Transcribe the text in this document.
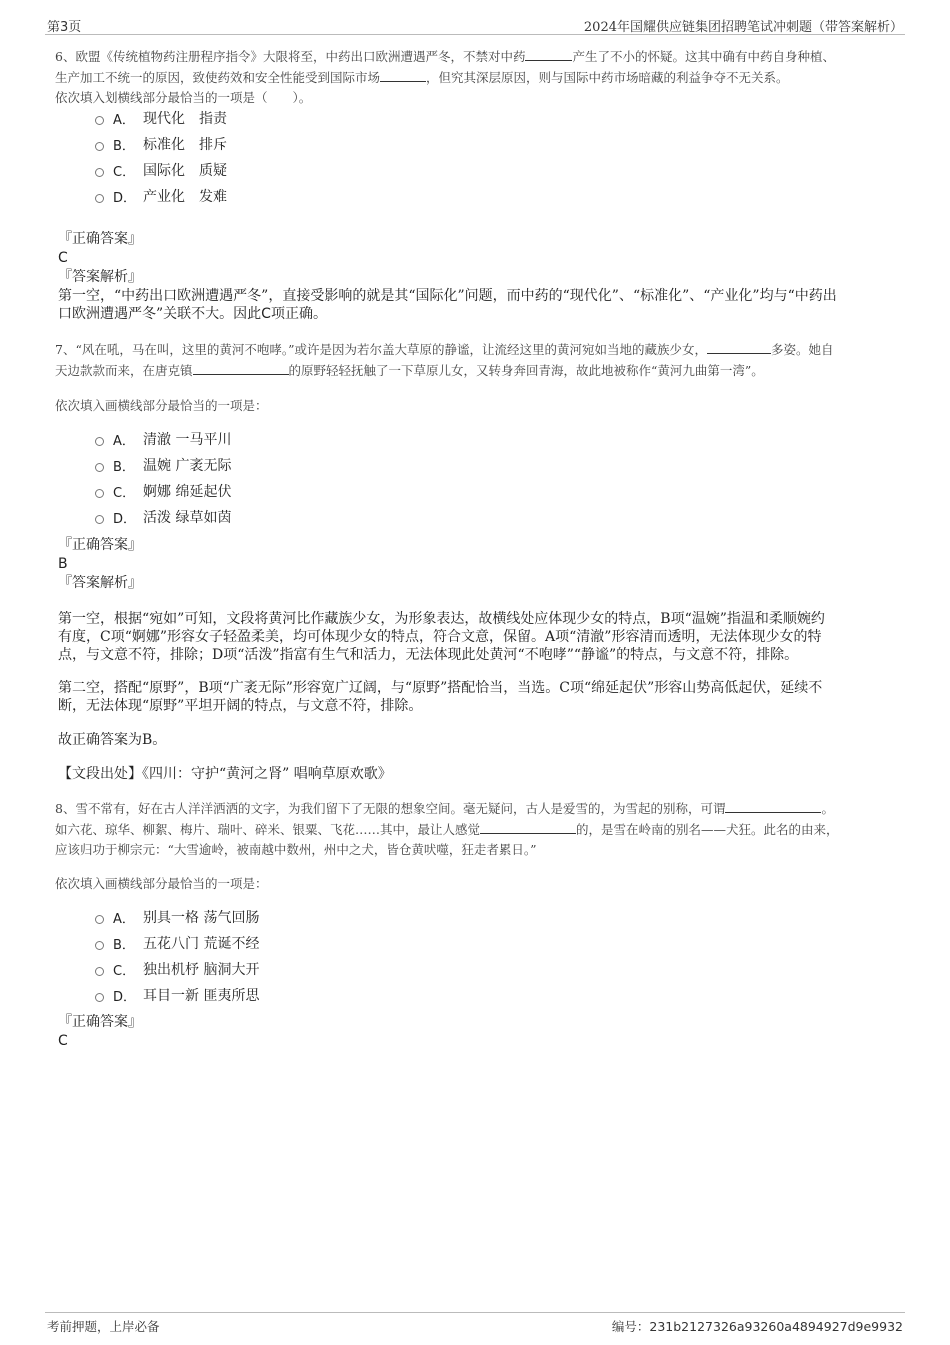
第3页	2024年国耀供应链集团招聘笔试冲刺题（带答案解析）
6、欧盟《传统植物药注册程序指令》大限将至，中药出口欧洲遭遇严冬，不禁对中药	产生了不小的怀疑。这其中确有中药自身种植、
生产加工不统一的原因，致使药效和安全性能受到国际市场	，但究其深层原因，则与国际中药市场暗藏的利益争夺不无关系。
依次填入划横线部分最恰当的一项是（　　）。
A． 现代化 指责
B． 标准化 排斥
C． 国际化 质疑
D． 产业化 发难
『正确答案』
C
『答案解析』
第一空，“中药出口欧洲遭遇严冬”，直接受影响的就是其“国际化”问题，而中药的“现代化”、“标准化”、“产业化”均与“中药出
口欧洲遭遇严冬”关联不大。因此C项正确。
7、“风在吼，马在叫，这里的黄河不咆哮。”或许是因为若尔盖大草原的静谧，让流经这里的黄河宛如当地的藏族少女，	多姿。她自
天边款款而来，在唐克镇	的原野轻轻抚触了一下草原儿女，又转身奔回青海，故此地被称作“黄河九曲第一湾”。
依次填入画横线部分最恰当的一项是：
A． 清澈 一马平川
B． 温婉 广袤无际
C． 婀娜 绵延起伏
D． 活泼 绿草如茵
『正确答案』
B
『答案解析』
第一空，根据“宛如”可知，文段将黄河比作藏族少女，为形象表达，故横线处应体现少女的特点，B项“温婉”指温和柔顺婉约
有度，C项“婀娜”形容女子轻盈柔美，均可体现少女的特点，符合文意，保留。A项“清澈”形容清而透明，无法体现少女的特
点，与文意不符，排除；D项“活泼”指富有生气和活力，无法体现此处黄河“不咆哮”“静谧”的特点，与文意不符，排除。
第二空，搭配“原野”，B项“广袤无际”形容宽广辽阔，与“原野”搭配恰当，当选。C项“绵延起伏”形容山势高低起伏，延续不
断，无法体现“原野”平坦开阔的特点，与文意不符，排除。
故正确答案为B。
【文段出处】《四川：守护“黄河之肾” 唱响草原欢歌》
8、雪不常有，好在古人洋洋洒洒的文字，为我们留下了无限的想象空间。毫无疑问，古人是爱雪的，为雪起的别称，可谓	。
如六花、琼华、柳絮、梅片、瑞叶、碎米、银粟、飞花……其中，最让人感觉	的，是雪在岭南的别名——犬狂。此名的由来，
应该归功于柳宗元：“大雪逾岭，被南越中数州，州中之犬，皆仓黄吠噬，狂走者累日。”
依次填入画横线部分最恰当的一项是：
A． 别具一格 荡气回肠
B． 五花八门 荒诞不经
C． 独出机杼 脑洞大开
D． 耳目一新 匪夷所思
『正确答案』
C
考前押题，上岸必备	编号：231b2127326a93260a4894927d9e9932
